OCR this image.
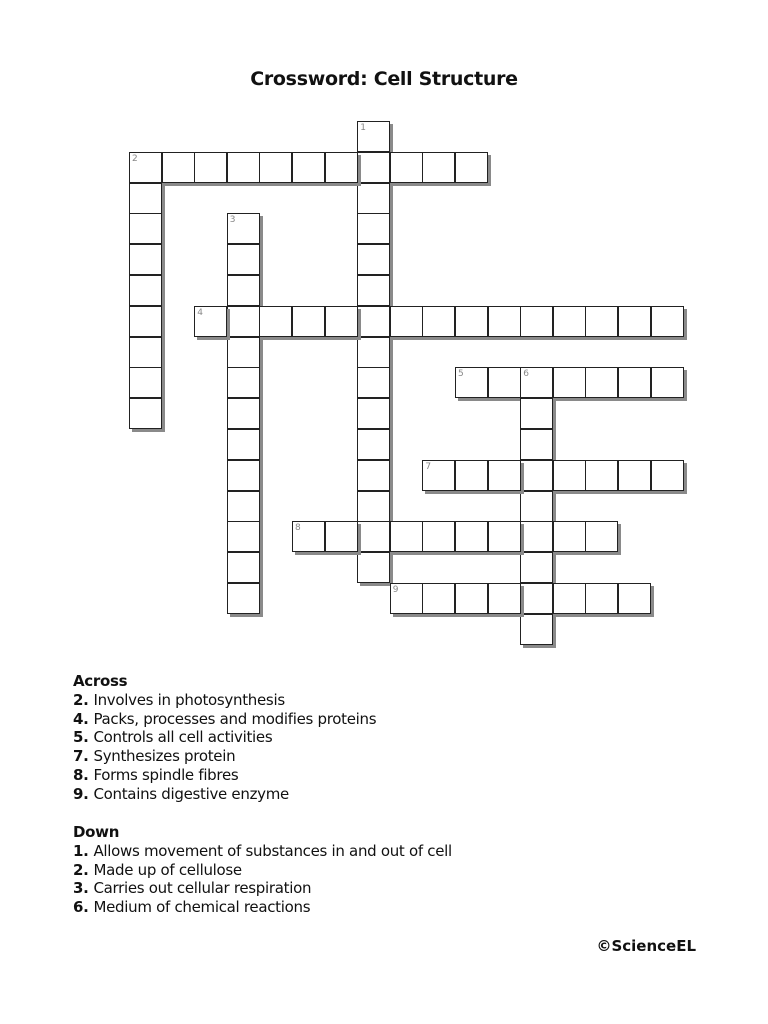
Crossword: Cell Structure
1
2
3
4
5	6
7
8
9
Across
2. Involves in photosynthesis
4. Packs, processes and modifies proteins
5. Controls all cell activities
7. Synthesizes protein
8. Forms spindle fibres
9. Contains digestive enzyme
Down
1. Allows movement of substances in and out of cell
2. Made up of cellulose
3. Carries out cellular respiration
6. Medium of chemical reactions
©ScienceEL
